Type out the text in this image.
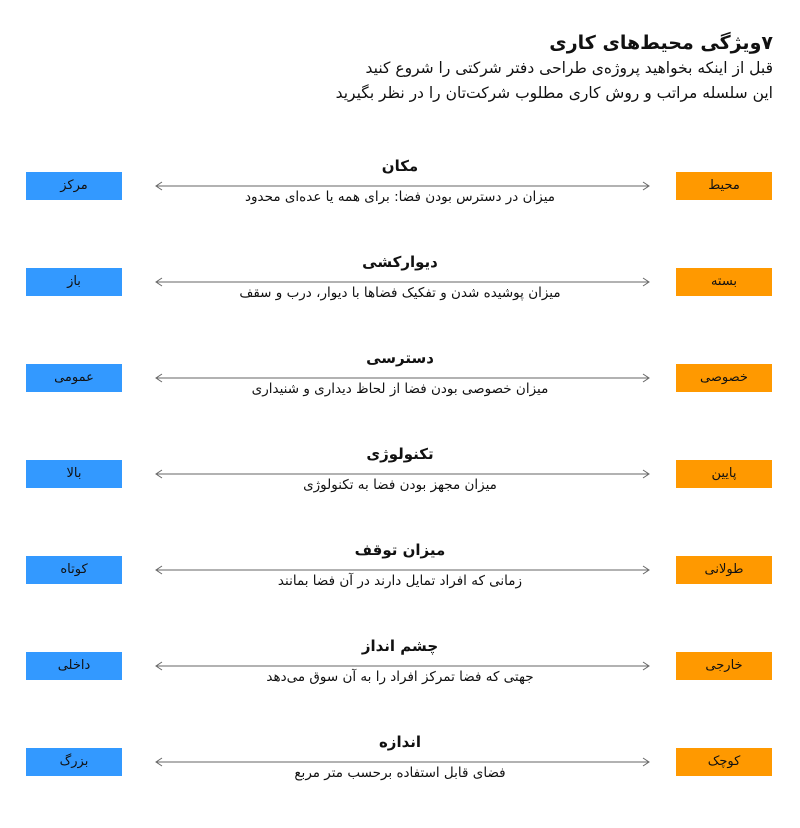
۷ویژگی محیط‌های کاری
قبل از اینکه بخواهید پروژه‌ی طراحی دفتر شرکتی را شروع کنید
این سلسله مراتب و روش کاری مطلوب شرکت‌تان را در نظر بگیرید
مرکز
مکان
میزان در دسترس بودن فضا: برای همه یا عده‌ای محدود
محیط
باز
دیوارکشی
میزان پوشیده شدن و تفکیک فضاها با دیوار، درب و سقف
بسته
عمومی
دسترسی
میزان خصوصی بودن فضا از لحاظ دیداری و شنیداری
خصوصی
بالا
تکنولوژی
میزان مجهز بودن فضا به تکنولوژی
پایین
کوتاه
میزان توقف
زمانی که افراد تمایل دارند در آن فضا بمانند
طولانی
داخلی
چشم انداز
جهتی که فضا تمرکز افراد را به آن سوق می‌دهد
خارجی
بزرگ
اندازه
فضای قابل استفاده برحسب متر مربع
کوچک
